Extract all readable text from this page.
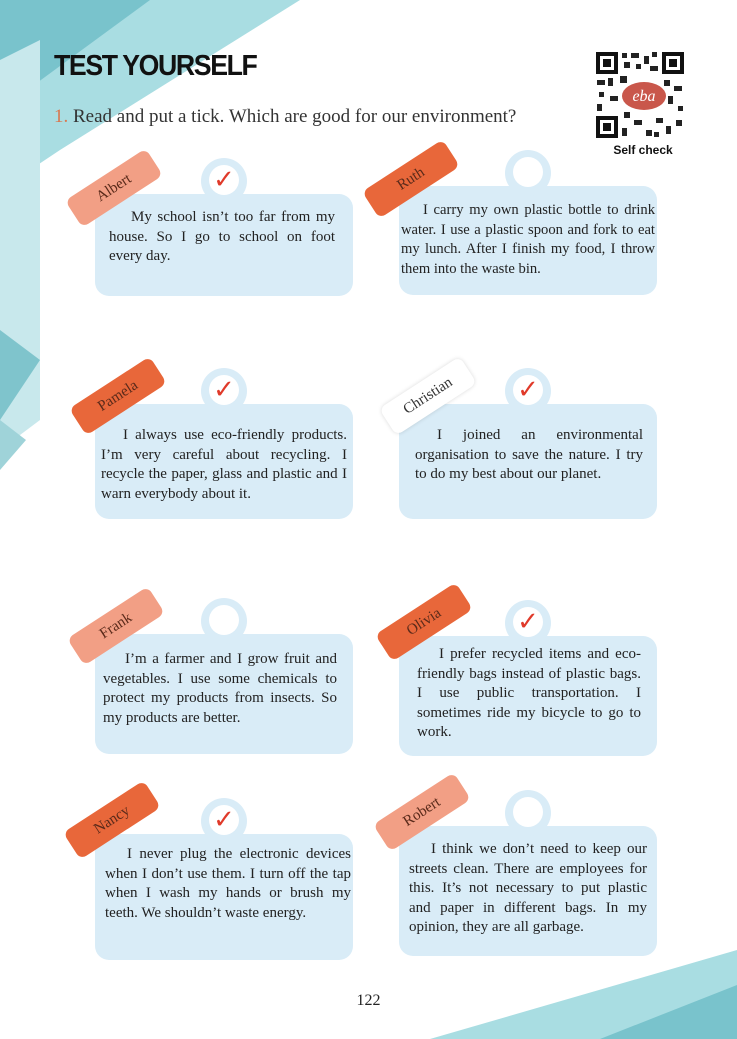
TEST YOURSELF
1. Read and put a tick. Which are good for our environment?
eba
Self check
✓
My school isn’t too far from my house. So I go to school on foot every day.
Albert
I carry my own plastic bottle to drink water. I use a plastic spoon and fork to eat my lunch. After I finish my food, I throw them into the waste bin.
Ruth
✓
I always use eco-friendly products. I’m very careful about recycling. I recycle the paper, glass and plastic and I warn everybody about it.
Pamela	✓
I joined an environmental organisation to save the nature. I try to do my best about our planet.
Christian
I’m a farmer and I grow fruit and vegetables. I use some chemicals to protect my products from insects. So my products are better.
Frank	✓
I prefer recycled items and eco-friendly bags instead of plastic bags. I use public transportation. I sometimes ride my bicycle to go to work.
Olivia
✓
I never plug the electronic devices when I don’t use them. I turn off the tap when I wash my hands or brush my teeth. We shouldn’t waste energy.
Nancy
I think we don’t need to keep our streets clean. There are employees for this. It’s not necessary to put plastic and paper in different bags. In my opinion, they are all garbage.
Robert
122
